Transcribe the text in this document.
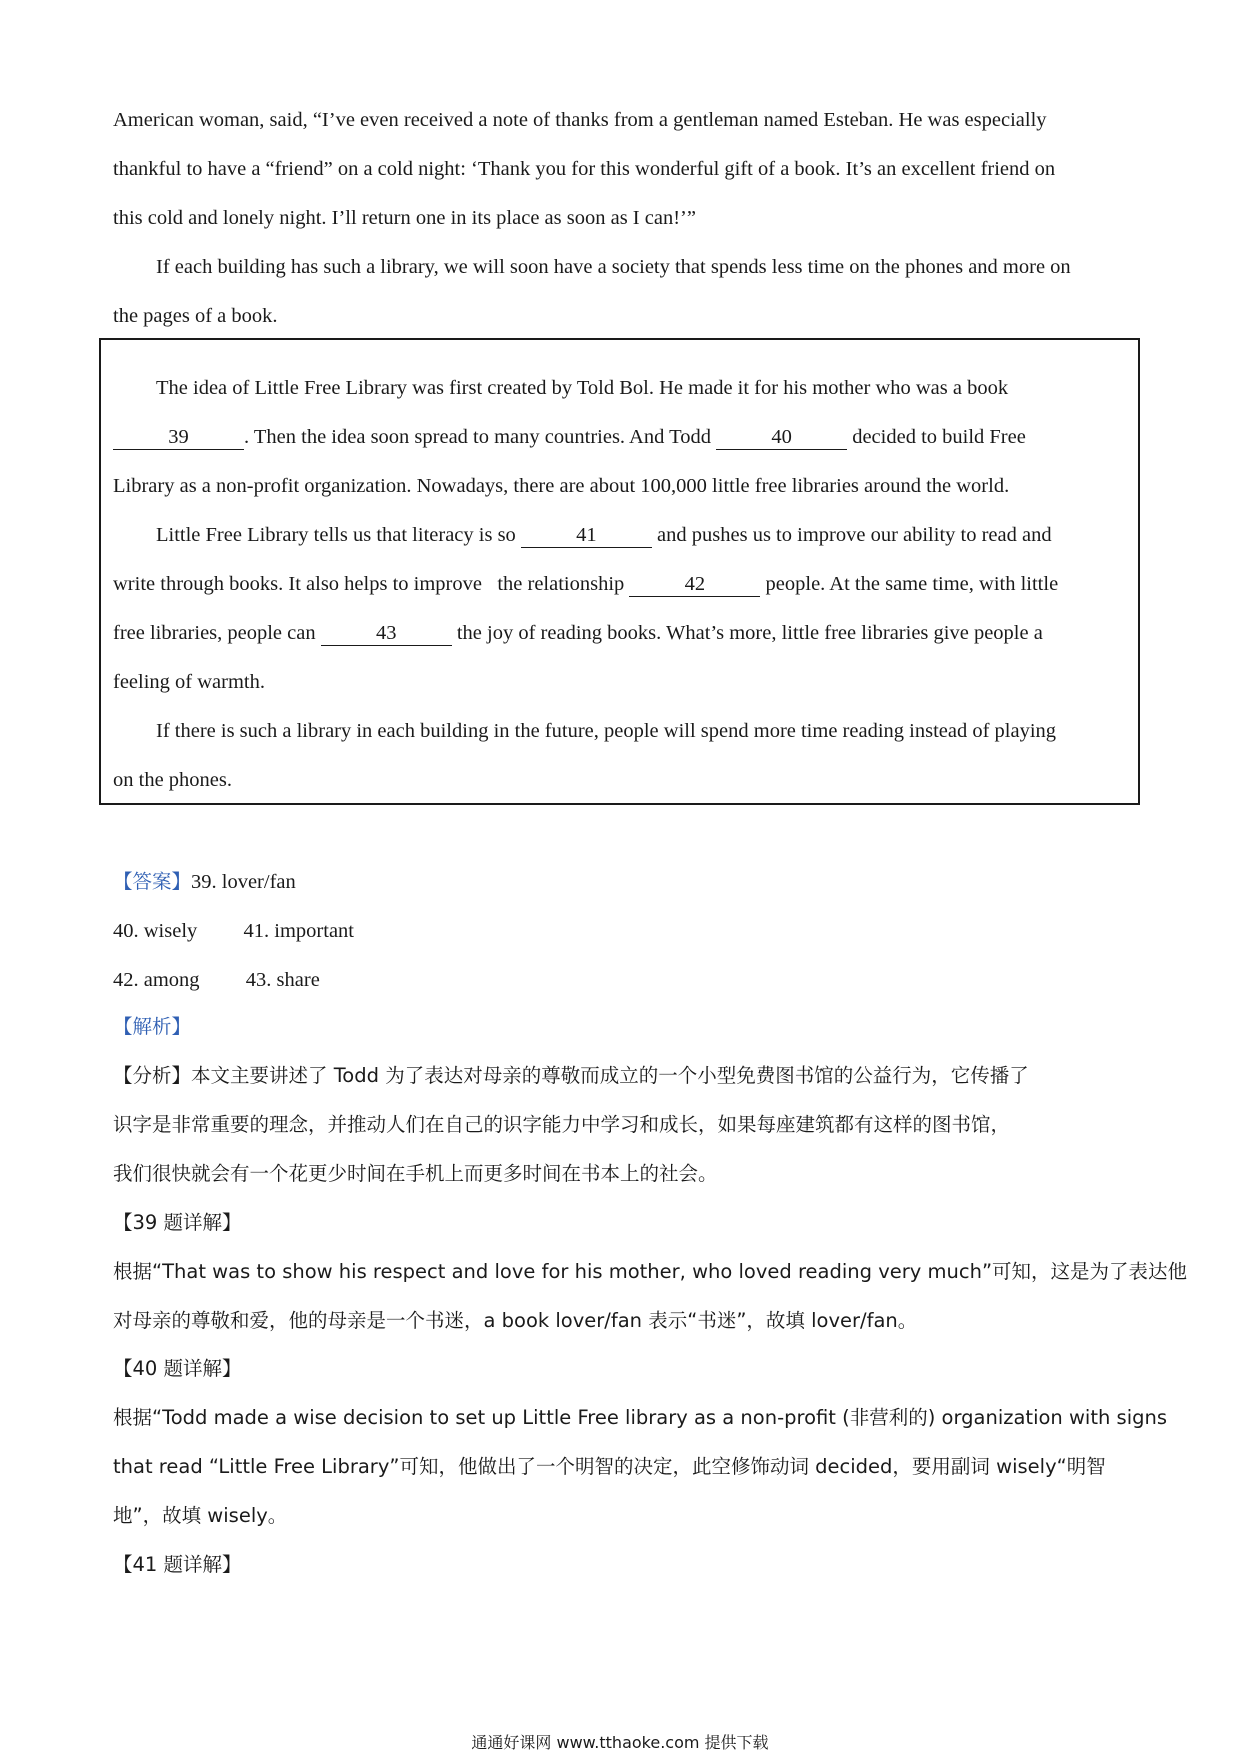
American woman, said, “I’ve even received a note of thanks from a gentleman named Esteban. He was especially
thankful to have a “friend” on a cold night: ‘Thank you for this wonderful gift of a book. It’s an excellent friend on
this cold and lonely night. I’ll return one in its place as soon as I can!’”
If each building has such a library, we will soon have a society that spends less time on the phones and more on
the pages of a book.
The idea of Little Free Library was first created by Told Bol. He made it for his mother who was a book
39	. Then the idea soon spread to many countries. And Todd	40	decided to build Free
Library as a non-profit organization. Nowadays, there are about 100,000 little free libraries around the world.
Little Free Library tells us that literacy is so	41	and pushes us to improve our ability to read and
write through books. It also helps to improve   the relationship	42	people. At the same time, with little
free libraries, people can	43	the joy of reading books. What’s more, little free libraries give people a
feeling of warmth.
If there is such a library in each building in the future, people will spend more time reading instead of playing
on the phones.
【答案】39. lover/fan
40. wisely 41. important
42. among 43. share
【解析】
【分析】本文主要讲述了 Todd 为了表达对母亲的尊敬而成立的一个小型免费图书馆的公益行为，它传播了
识字是非常重要的理念，并推动人们在自己的识字能力中学习和成长，如果每座建筑都有这样的图书馆，
我们很快就会有一个花更少时间在手机上而更多时间在书本上的社会。
【39 题详解】
根据“That was to show his respect and love for his mother, who loved reading very much”可知，这是为了表达他
对母亲的尊敬和爱，他的母亲是一个书迷，a book lover/fan 表示“书迷”，故填 lover/fan。
【40 题详解】
根据“Todd made a wise decision to set up Little Free library as a non-profit (非营利的) organization with signs
that read “Little Free Library”可知，他做出了一个明智的决定，此空修饰动词 decided，要用副词 wisely“明智
地”，故填 wisely。
【41 题详解】
通通好课网 www.tthaoke.com 提供下载
